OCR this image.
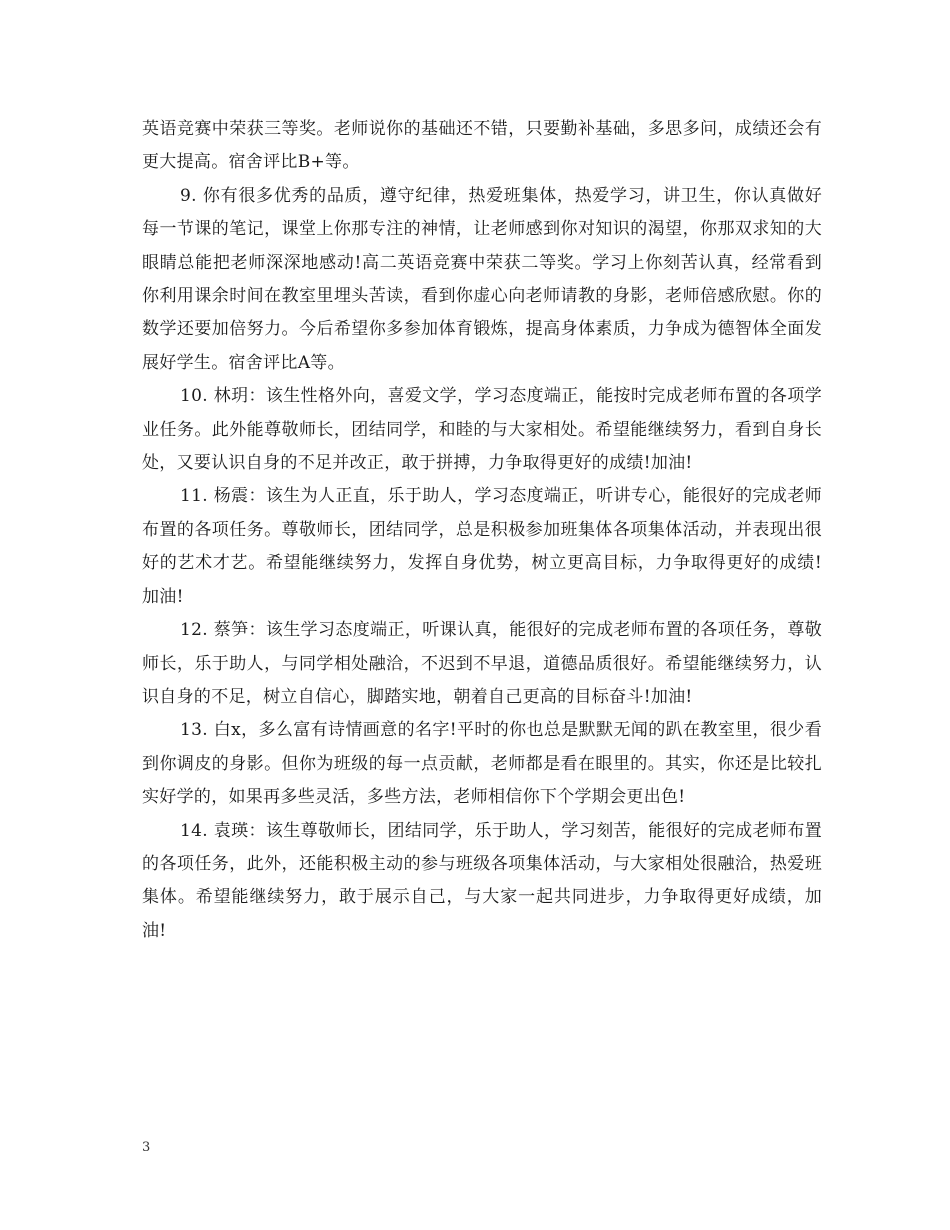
英语竞赛中荣获三等奖。老师说你的基础还不错，只要勤补基础，多思多问，成绩还会有更大提高。宿舍评比B+等。

9. 你有很多优秀的品质，遵守纪律，热爱班集体，热爱学习，讲卫生，你认真做好每一节课的笔记，课堂上你那专注的神情，让老师感到你对知识的渴望，你那双求知的大眼睛总能把老师深深地感动!高二英语竞赛中荣获二等奖。学习上你刻苦认真，经常看到你利用课余时间在教室里埋头苦读，看到你虚心向老师请教的身影，老师倍感欣慰。你的数学还要加倍努力。今后希望你多参加体育锻炼，提高身体素质，力争成为德智体全面发展好学生。宿舍评比A等。

10. 林玥：该生性格外向，喜爱文学，学习态度端正，能按时完成老师布置的各项学业任务。此外能尊敬师长，团结同学，和睦的与大家相处。希望能继续努力，看到自身长处，又要认识自身的不足并改正，敢于拼搏，力争取得更好的成绩!加油!

11. 杨震：该生为人正直，乐于助人，学习态度端正，听讲专心，能很好的完成老师布置的各项任务。尊敬师长，团结同学，总是积极参加班集体各项集体活动，并表现出很好的艺术才艺。希望能继续努力，发挥自身优势，树立更高目标，力争取得更好的成绩!加油!

12. 蔡笋：该生学习态度端正，听课认真，能很好的完成老师布置的各项任务，尊敬师长，乐于助人，与同学相处融洽，不迟到不早退，道德品质很好。希望能继续努力，认识自身的不足，树立自信心，脚踏实地，朝着自己更高的目标奋斗!加油!

13. 白x，多么富有诗情画意的名字!平时的你也总是默默无闻的趴在教室里，很少看到你调皮的身影。但你为班级的每一点贡献，老师都是看在眼里的。其实，你还是比较扎实好学的，如果再多些灵活，多些方法，老师相信你下个学期会更出色!

14. 袁瑛：该生尊敬师长，团结同学，乐于助人，学习刻苦，能很好的完成老师布置的各项任务，此外，还能积极主动的参与班级各项集体活动，与大家相处很融洽，热爱班集体。希望能继续努力，敢于展示自己，与大家一起共同进步，力争取得更好成绩，加油!

3
